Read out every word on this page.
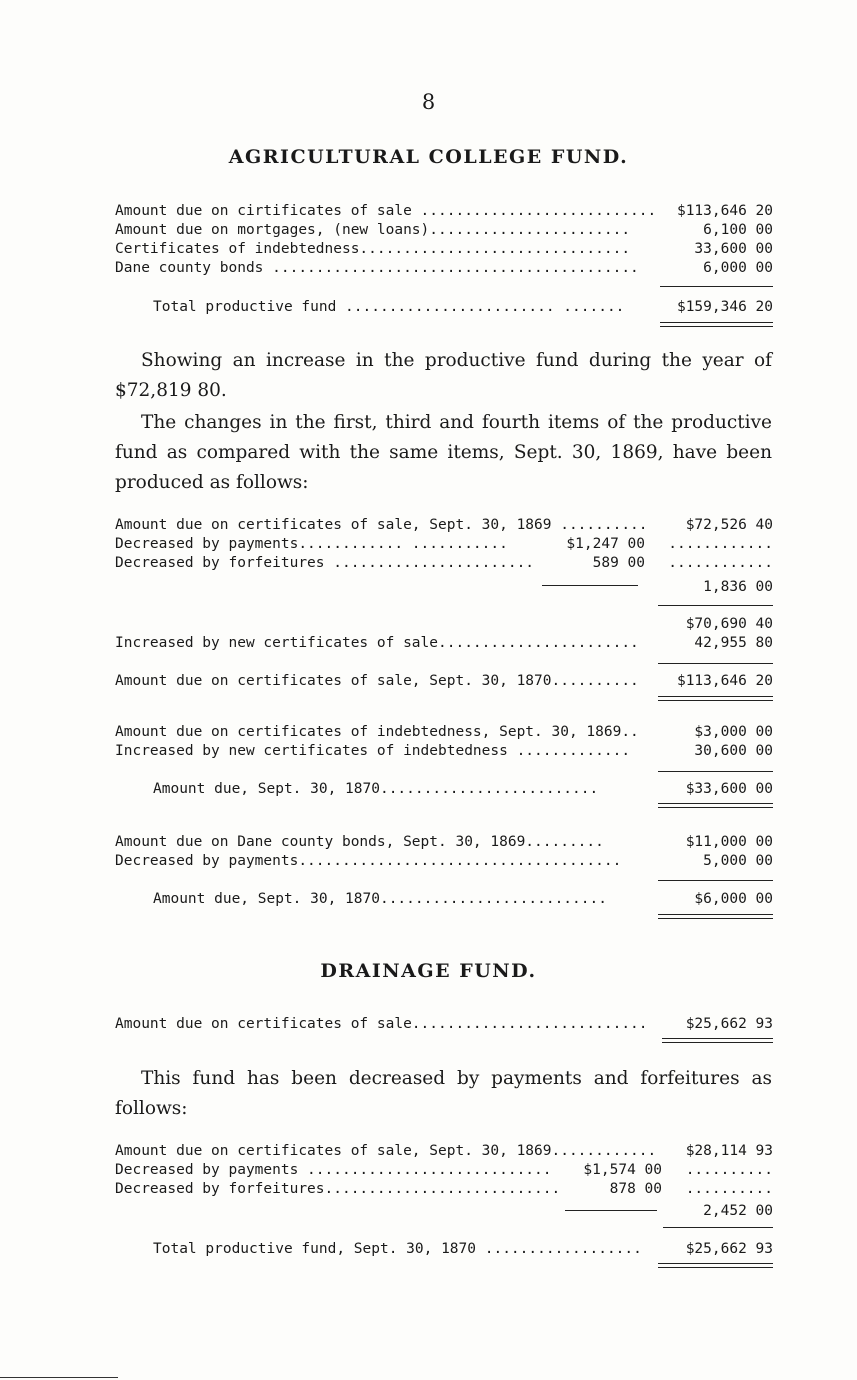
8
AGRICULTURAL COLLEGE FUND.
Amount due on cirtificates of sale ........................... $113,646 20
Amount due on mortgages, (new loans).......................	6,100 00
Certificates of indebtedness...............................	33,600 00
Dane county bonds ..........................................	6,000 00
Total productive fund ........................ .......	$159,346 20
Showing an increase in the productive fund during the year of $72,819 80.
The changes in the first, third and fourth items of the productive fund as compared with the same items, Sept. 30, 1869, have been produced as follows:
Amount due on certificates of sale, Sept. 30, 1869 ..........	$72,526 40
Decreased by payments............ ...........	$1,247 00 ............
Decreased by forfeitures .......................	589 00 ............
1,836 00
$70,690 40
Increased by new certificates of sale.......................	42,955 80
Amount due on certificates of sale, Sept. 30, 1870..........	$113,646 20
Amount due on certificates of indebtedness, Sept. 30, 1869..	$3,000 00
Increased by new certificates of indebtedness .............	30,600 00
Amount due, Sept. 30, 1870.........................	$33,600 00
Amount due on Dane county bonds, Sept. 30, 1869.........	$11,000 00
Decreased by payments.....................................	5,000 00
Amount due, Sept. 30, 1870..........................	$6,000 00
DRAINAGE FUND.
Amount due on certificates of sale...........................	$25,662 93
This fund has been decreased by payments and forfeitures as follows:
Amount due on certificates of sale, Sept. 30, 1869............ $28,114 93
Decreased by payments ............................ $1,574 00 ..........
Decreased by forfeitures...........................	878 00 ..........
2,452 00
Total productive fund, Sept. 30, 1870 ..................	$25,662 93
